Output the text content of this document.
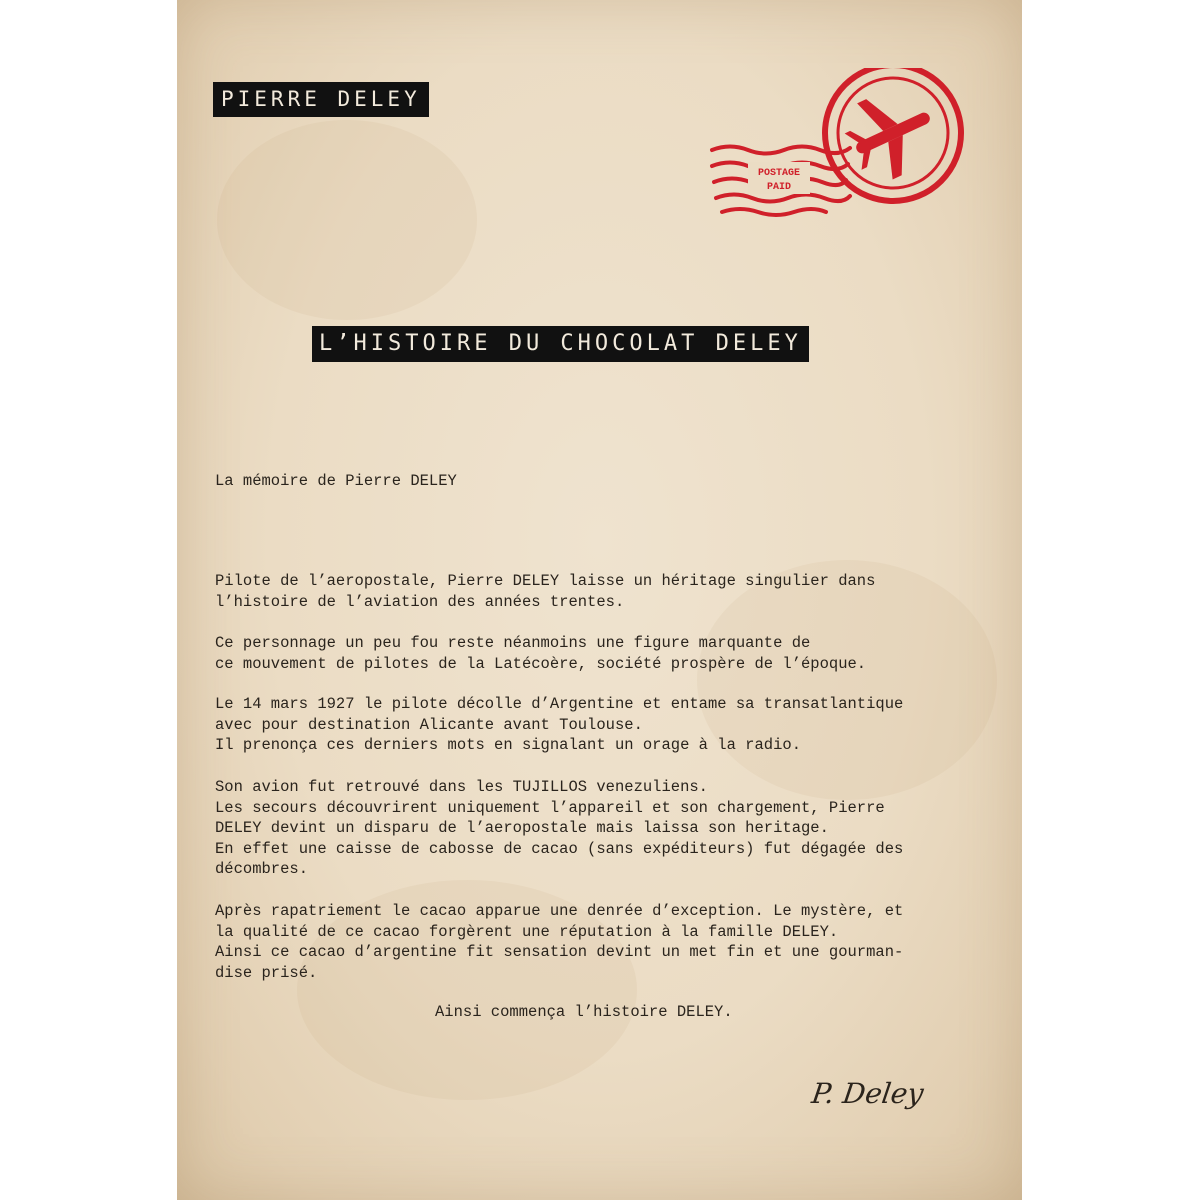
PIERRE DELEY
POSTAGE
PAID
L’HISTOIRE DU CHOCOLAT DELEY
La mémoire de Pierre DELEY
Pilote de l’aeropostale, Pierre DELEY laisse un héritage singulier dans
l’histoire de l’aviation des années trentes.
Ce personnage un peu fou reste néanmoins une figure marquante de
ce mouvement de pilotes de la Latécoère, société prospère de l’époque.
Le 14 mars 1927 le pilote décolle d’Argentine et entame sa transatlantique
avec pour destination Alicante avant Toulouse.
Il prenonça ces derniers mots en signalant un orage à la radio.
Son avion fut retrouvé dans les TUJILLOS venezuliens.
Les secours découvrirent uniquement l’appareil et son chargement, Pierre
DELEY devint un disparu de l’aeropostale mais laissa son heritage.
En effet une caisse de cabosse de cacao (sans expéditeurs) fut dégagée des
décombres.
Après rapatriement le cacao apparue une denrée d’exception. Le mystère, et
la qualité de ce cacao forgèrent une réputation à la famille DELEY.
Ainsi ce cacao d’argentine fit sensation devint un met fin et une gourman-
dise prisé.
Ainsi commença l’histoire DELEY.
P. Deley
